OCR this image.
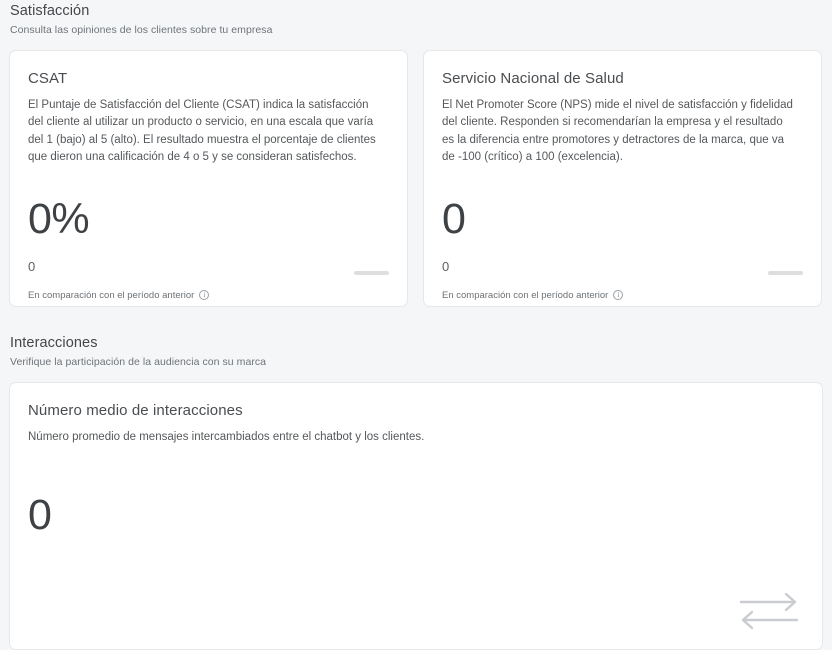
Satisfacción

Consulta las opiniones de los clientes sobre tu empresa

CSAT

El Puntaje de Satisfacción del Cliente (CSAT) indica la satisfacción del cliente al utilizar un producto o servicio, en una escala que varía del 1 (bajo) al 5 (alto). El resultado muestra el porcentaje de clientes que dieron una calificación de 4 o 5 y se consideran satisfechos.

0%
0
En comparación con el período anterior	i
Servicio Nacional de Salud

El Net Promoter Score (NPS) mide el nivel de satisfacción y fidelidad del cliente. Responden si recomendarían la empresa y el resultado es la diferencia entre promotores y detractores de la marca, que va de -100 (crítico) a 100 (excelencia).

0
0
En comparación con el período anterior	i
Interacciones

Verifique la participación de la audiencia con su marca

Número medio de interacciones

Número promedio de mensajes intercambiados entre el chatbot y los clientes.

0
